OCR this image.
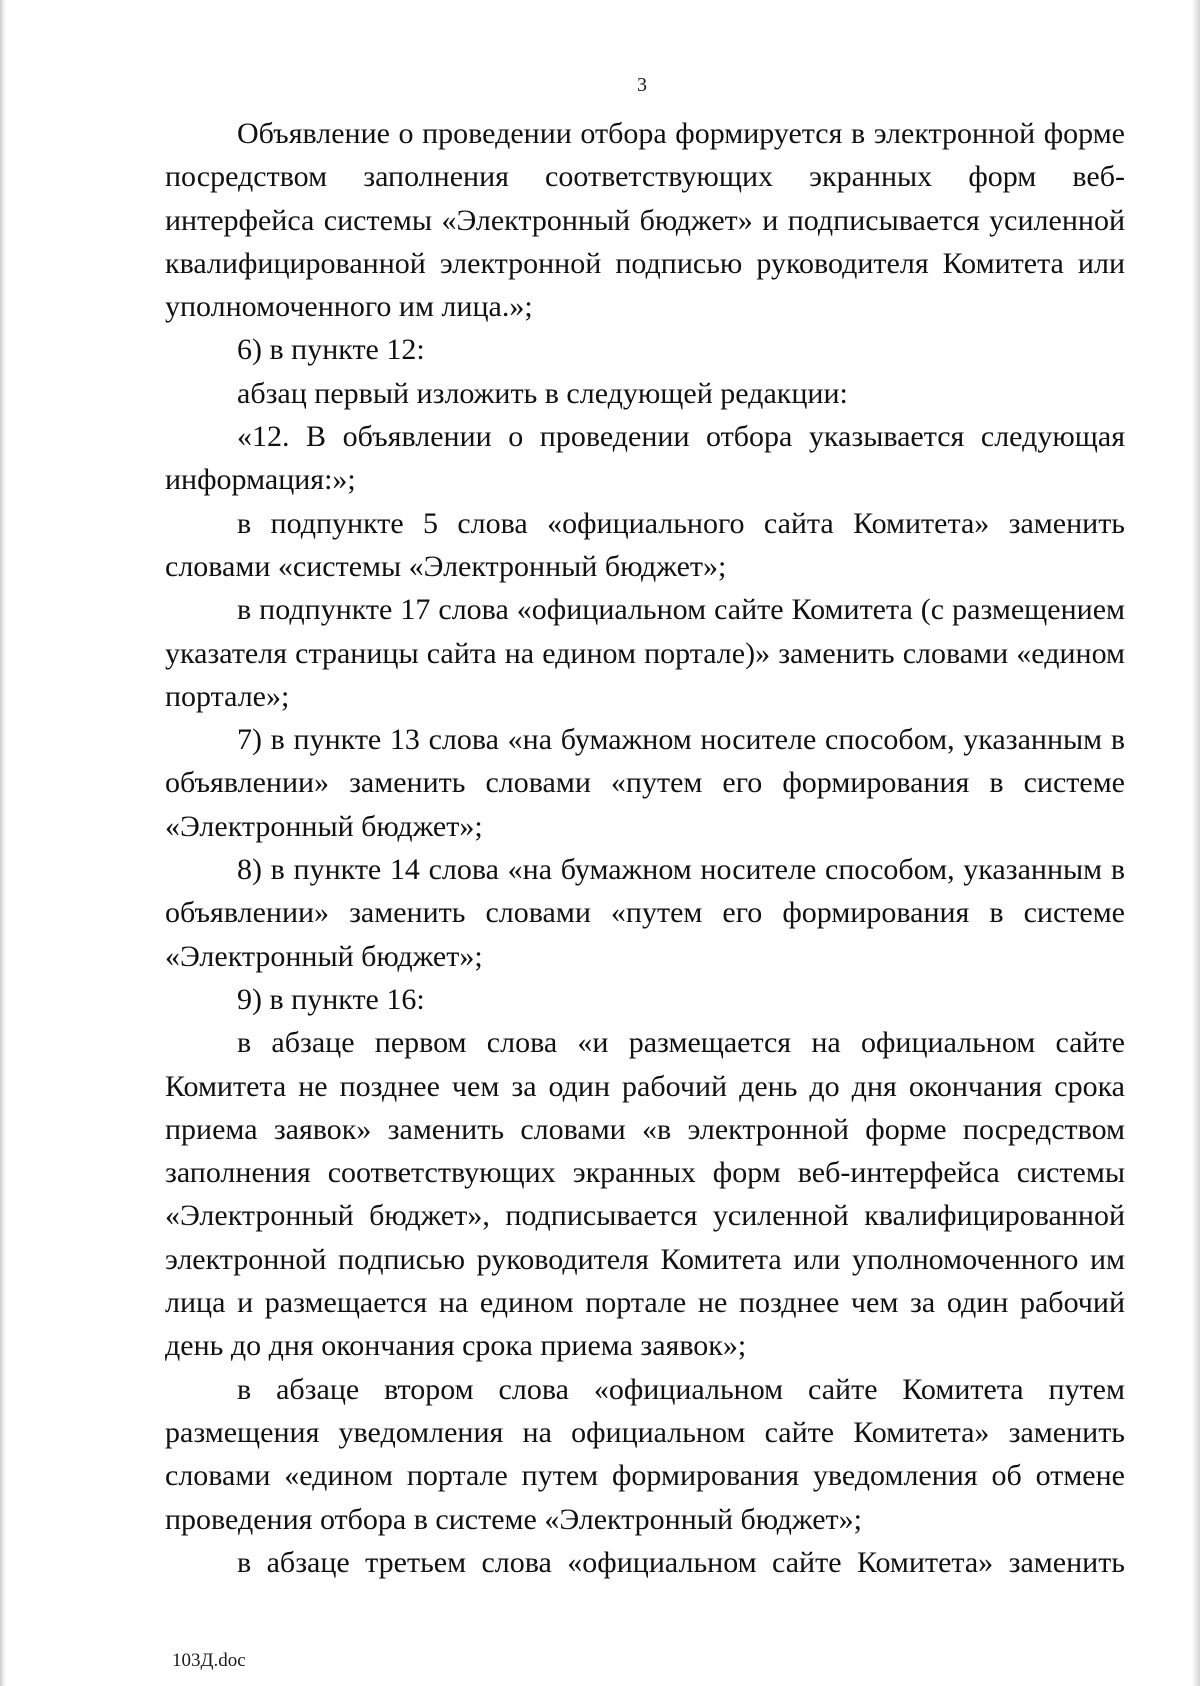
3

Объявление о проведении отбора формируется в электронной форме посредством заполнения соответствующих экранных форм веб-интерфейса системы «Электронный бюджет» и подписывается усиленной квалифицированной электронной подписью руководителя Комитета или уполномоченного им лица.»;

6) в пункте 12:

абзац первый изложить в следующей редакции:

«12. В объявлении о проведении отбора указывается следующая информация:»;

в подпункте 5 слова «официального сайта Комитета» заменить словами «системы «Электронный бюджет»;

в подпункте 17 слова «официальном сайте Комитета (с размещением указателя страницы сайта на едином портале)» заменить словами «едином портале»;

7) в пункте 13 слова «на бумажном носителе способом, указанным в объявлении» заменить словами «путем его формирования в системе «Электронный бюджет»;

8) в пункте 14 слова «на бумажном носителе способом, указанным в объявлении» заменить словами «путем его формирования в системе «Электронный бюджет»;

9) в пункте 16:

в абзаце первом слова «и размещается на официальном сайте Комитета не позднее чем за один рабочий день до дня окончания срока приема заявок» заменить словами «в электронной форме посредством заполнения соответствующих экранных форм веб-интерфейса системы «Электронный бюджет», подписывается усиленной квалифицированной электронной подписью руководителя Комитета или уполномоченного им лица и размещается на едином портале не позднее чем за один рабочий день до дня окончания срока приема заявок»;

в абзаце втором слова «официальном сайте Комитета путем размещения уведомления на официальном сайте Комитета» заменить словами «едином портале путем формирования уведомления об отмене проведения отбора в системе «Электронный бюджет»;

в абзаце третьем слова «официальном сайте Комитета» заменить

103Д.doc
